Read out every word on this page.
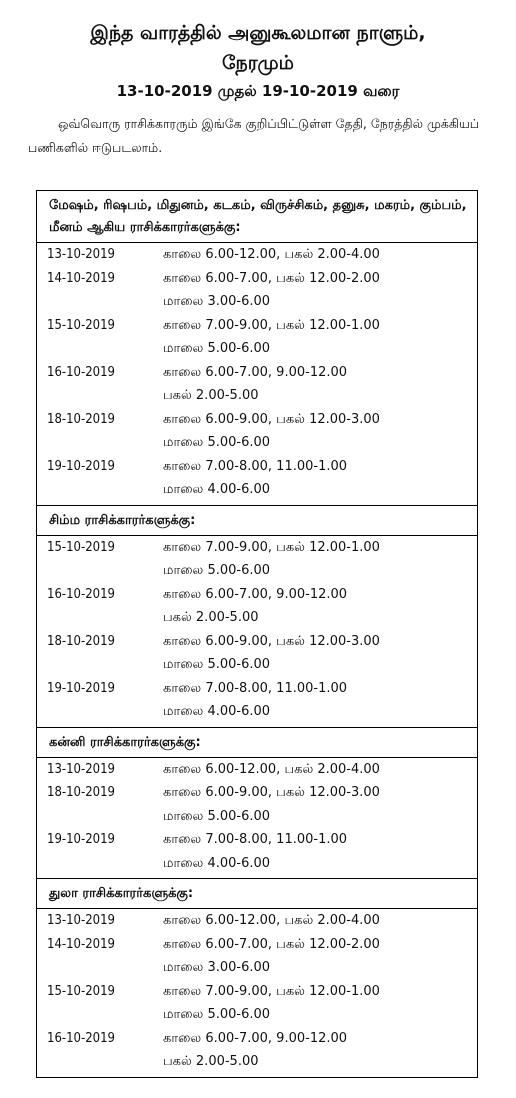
இந்த வாரத்தில் அனுகூலமான நாளும்,
நேரமும்
13-10-2019 முதல் 19-10-2019 வரை
ஒவ்வொரு ராசிக்காரரும் இங்கே குறிப்பிட்டுள்ள தேதி, நேரத்தில் முக்கியப் பணிகளில் ஈடுபடலாம்.
மேஷம், ரிஷபம், மிதுனம், கடகம், விருச்சிகம், தனுசு, மகரம், கும்பம், மீனம் ஆகிய ராசிக்காரர்களுக்கு:
13-10-2019	காலை 6.00-12.00, பகல் 2.00-4.00
14-10-2019	காலை 6.00-7.00, பகல் 12.00-2.00
மாலை 3.00-6.00
15-10-2019	காலை 7.00-9.00, பகல் 12.00-1.00
மாலை 5.00-6.00
16-10-2019	காலை 6.00-7.00, 9.00-12.00
பகல் 2.00-5.00
18-10-2019	காலை 6.00-9.00, பகல் 12.00-3.00
மாலை 5.00-6.00
19-10-2019	காலை 7.00-8.00, 11.00-1.00
மாலை 4.00-6.00
சிம்ம ராசிக்காரர்களுக்கு:
15-10-2019	காலை 7.00-9.00, பகல் 12.00-1.00
மாலை 5.00-6.00
16-10-2019	காலை 6.00-7.00, 9.00-12.00
பகல் 2.00-5.00
18-10-2019	காலை 6.00-9.00, பகல் 12.00-3.00
மாலை 5.00-6.00
19-10-2019	காலை 7.00-8.00, 11.00-1.00
மாலை 4.00-6.00
கன்னி ராசிக்காரர்களுக்கு:
13-10-2019	காலை 6.00-12.00, பகல் 2.00-4.00
18-10-2019	காலை 6.00-9.00, பகல் 12.00-3.00
மாலை 5.00-6.00
19-10-2019	காலை 7.00-8.00, 11.00-1.00
மாலை 4.00-6.00
துலா ராசிக்காரர்களுக்கு:
13-10-2019	காலை 6.00-12.00, பகல் 2.00-4.00
14-10-2019	காலை 6.00-7.00, பகல் 12.00-2.00
மாலை 3.00-6.00
15-10-2019	காலை 7.00-9.00, பகல் 12.00-1.00
மாலை 5.00-6.00
16-10-2019	காலை 6.00-7.00, 9.00-12.00
பகல் 2.00-5.00
